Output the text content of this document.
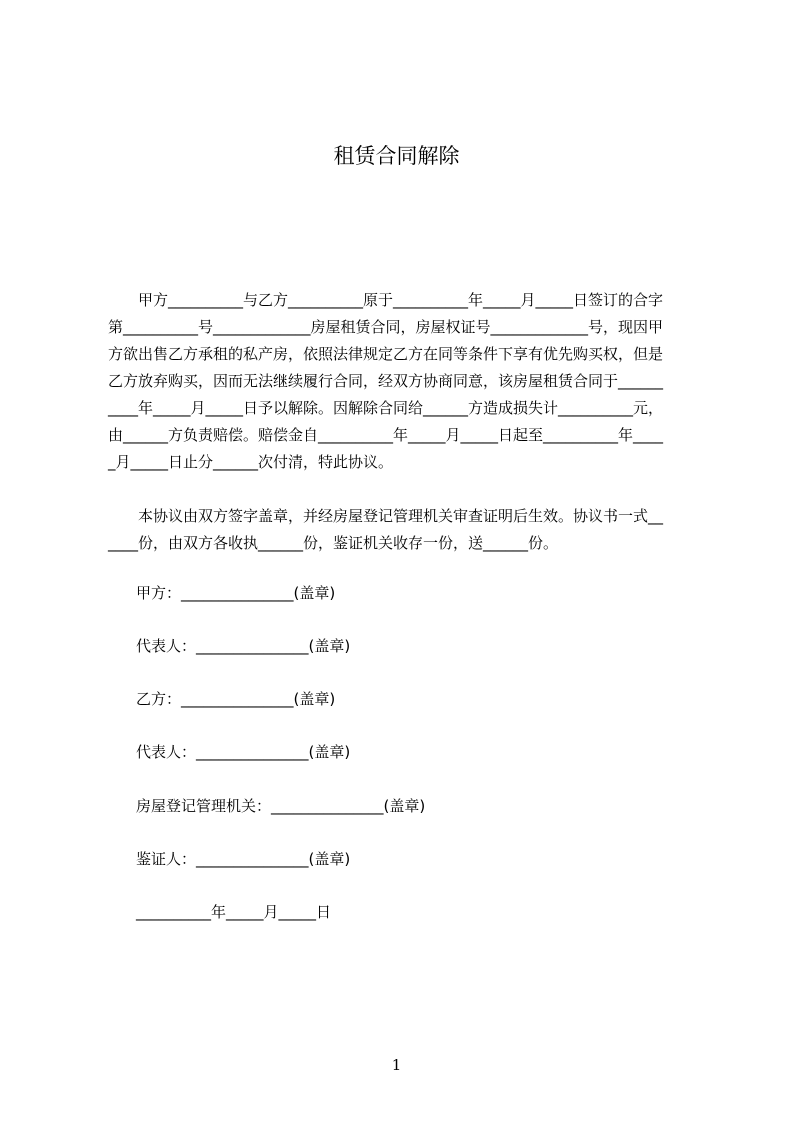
租赁合同解除
甲方__________与乙方__________原于__________年_____月_____日签订的合字
第__________号_____________房屋租赁合同，房屋权证号_____________号，现因甲
方欲出售乙方承租的私产房，依照法律规定乙方在同等条件下享有优先购买权，但是
乙方放弃购买，因而无法继续履行合同，经双方协商同意，该房屋租赁合同于______
____年_____月_____日予以解除。因解除合同给______方造成损失计__________元，
由______方负责赔偿。赔偿金自__________年_____月_____日起至__________年____
_月_____日止分______次付清，特此协议。
本协议由双方签字盖章，并经房屋登记管理机关审查证明后生效。协议书一式__
____份，由双方各收执______份，鉴证机关收存一份，送______份。
甲方：_______________(盖章)
代表人：_______________(盖章)
乙方：_______________(盖章)
代表人：_______________(盖章)
房屋登记管理机关：_______________(盖章)
鉴证人：_______________(盖章)
__________年_____月_____日
1
